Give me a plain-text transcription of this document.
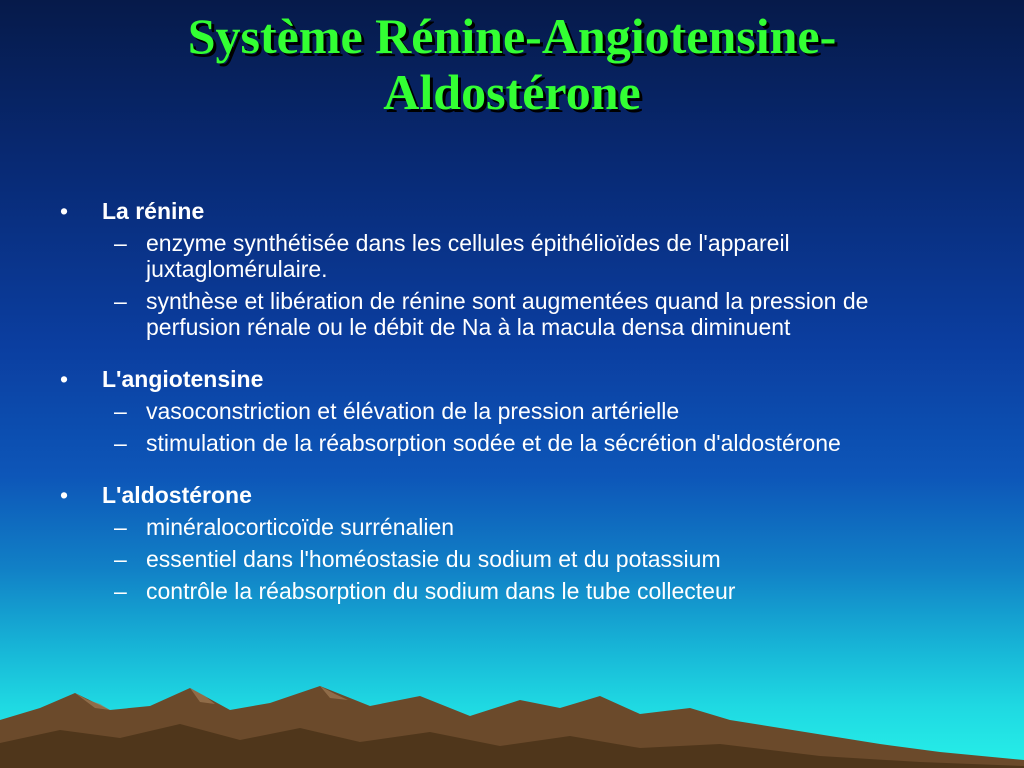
Système Rénine-Angiotensine-
Aldostérone
• La rénine
– enzyme synthétisée dans les cellules épithélioïdes de l'appareil juxtaglomérulaire.
– synthèse et libération de rénine sont augmentées quand la pression de perfusion rénale ou le débit de Na à la macula densa diminuent
• L'angiotensine
– vasoconstriction et élévation de la pression artérielle
– stimulation de la réabsorption sodée et de la sécrétion d'aldostérone
• L'aldostérone
– minéralocorticoïde surrénalien
– essentiel dans l'homéostasie du sodium et du potassium
– contrôle la réabsorption du sodium dans le tube collecteur
